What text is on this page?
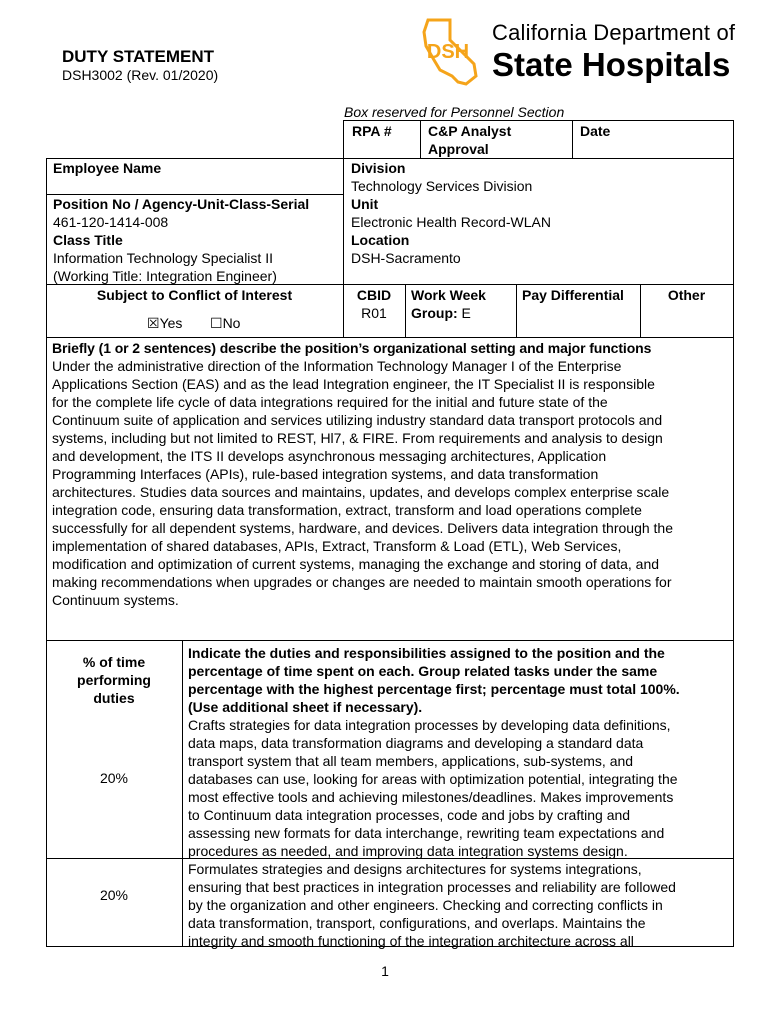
DUTY STATEMENT
DSH3002 (Rev. 01/2020)
DSH
California Department of
State Hospitals
Box reserved for Personnel Section
RPA #	C&P Analyst
Approval
Date
Employee Name
Position No / Agency-Unit-Class-Serial
461-120-1414-008
Class Title
Information Technology Specialist II
(Working Title: Integration Engineer)
Subject to Conflict of Interest
☒Yes ☐No
Division
Technology Services Division
Unit
Electronic Health Record-WLAN
Location
DSH-Sacramento
CBID
R01
Work Week
Group: E
Pay Differential	Other
Briefly (1 or 2 sentences) describe the position’s organizational setting and major functions
Under the administrative direction of the Information Technology Manager I of the Enterprise
Applications Section (EAS) and as the lead Integration engineer, the IT Specialist II is responsible
for the complete life cycle of data integrations required for the initial and future state of the
Continuum suite of application and services utilizing industry standard data transport protocols and
systems, including but not limited to REST, Hl7, & FIRE. From requirements and analysis to design
and development, the ITS II develops asynchronous messaging architectures, Application
Programming Interfaces (APIs), rule-based integration systems, and data transformation
architectures. Studies data sources and maintains, updates, and develops complex enterprise scale
integration code, ensuring data transformation, extract, transform and load operations complete
successfully for all dependent systems, hardware, and devices. Delivers data integration through the
implementation of shared databases, APIs, Extract, Transform & Load (ETL), Web Services,
modification and optimization of current systems, managing the exchange and storing of data, and
making recommendations when upgrades or changes are needed to maintain smooth operations for
Continuum systems.
% of time
performing
duties
Indicate the duties and responsibilities assigned to the position and the
percentage of time spent on each. Group related tasks under the same
percentage with the highest percentage first; percentage must total 100%.
(Use additional sheet if necessary).
20%
Crafts strategies for data integration processes by developing data definitions,
data maps, data transformation diagrams and developing a standard data
transport system that all team members, applications, sub-systems, and
databases can use, looking for areas with optimization potential, integrating the
most effective tools and achieving milestones/deadlines. Makes improvements
to Continuum data integration processes, code and jobs by crafting and
assessing new formats for data interchange, rewriting team expectations and
procedures as needed, and improving data integration systems design.
20%
Formulates strategies and designs architectures for systems integrations,
ensuring that best practices in integration processes and reliability are followed
by the organization and other engineers. Checking and correcting conflicts in
data transformation, transport, configurations, and overlaps. Maintains the
integrity and smooth functioning of the integration architecture across all
1
